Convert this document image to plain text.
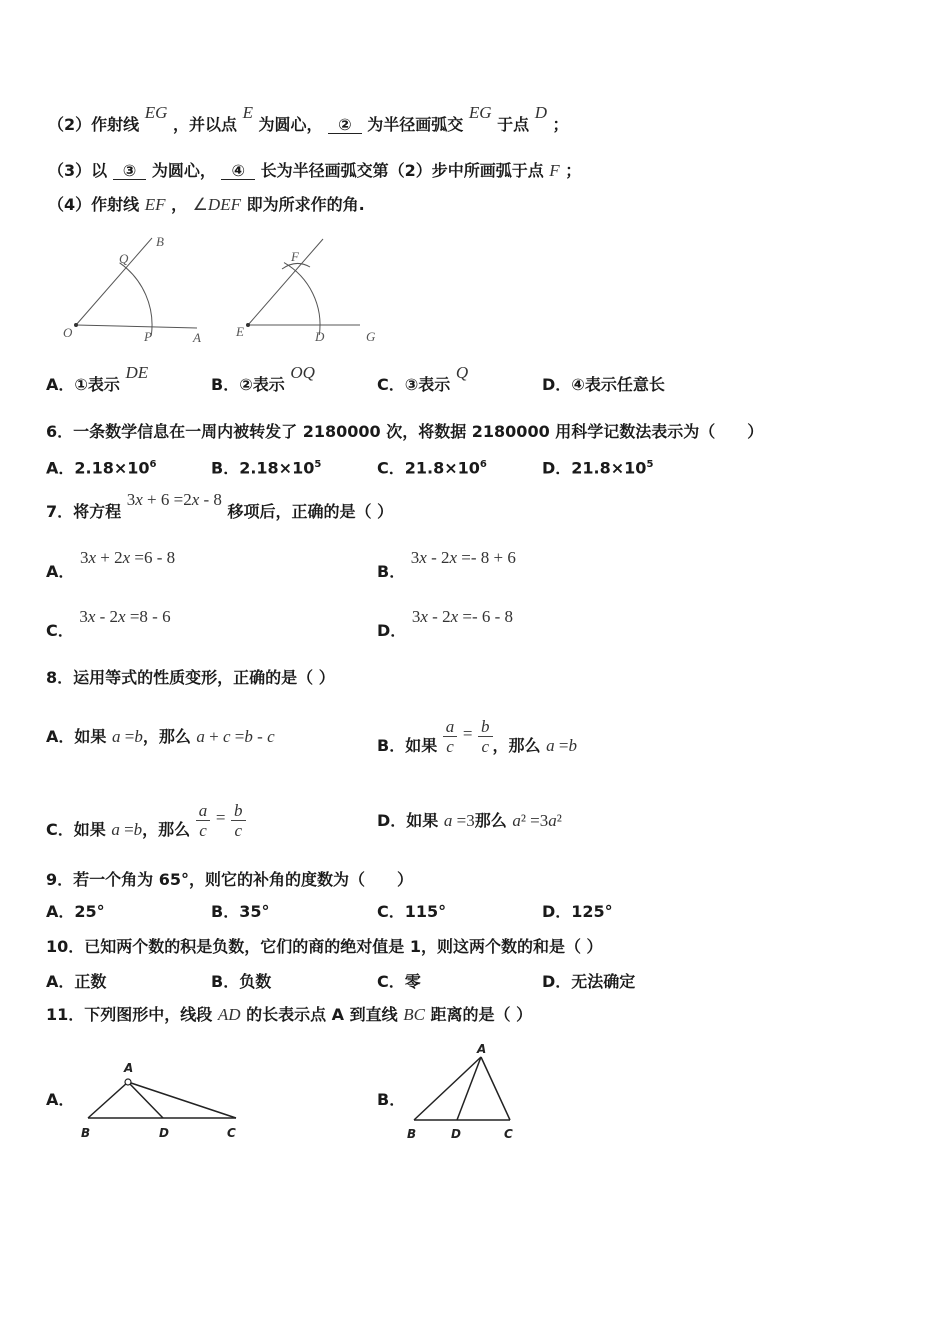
（2）作射线 EG ，并以点 E 为圆心， ② 为半径画弧交 EG 于点 D ；
（3）以 ③ 为圆心， ④ 长为半径画弧交第（2）步中所画弧于点 F ；
（4）作射线 EF ， ∠DEF 即为所求作的角.
B
Q
O	P	A
F
E	D	G
A．①表示 DE
B．②表示 OQ
C．③表示 Q
D．④表示任意长
6．一条数学信息在一周内被转发了 2180000 次，将数据 2180000 用科学记数法表示为（　　）
A．$2.18\times 10^6$	B．$2.18\times 10^5$	C．$21.8\times 10^6$	D．$21.8\times 10^5$
7．将方程 3x + 6 =2x - 8 移项后，正确的是（ ）
A． 3x + 2x =6 - 8
B． 3x - 2x =- 8 + 6
C． 3x - 2x =8 - 6
D． 3x - 2x =- 6 - 8
8．运用等式的性质变形，正确的是（ ）
A．如果 a =b，那么 a + c =b - c	B．如果 $\frac{a}{c} = \frac{b}{c}$ ，那么 a =b
C．如果 a =b，那么 $\frac{a}{c} = \frac{b}{c}$	D．如果 a =3那么 a² =3a²
9．若一个角为 65°，则它的补角的度数为（　　）
A．25°	B．35°	C．115°	D．125°
10．已知两个数的积是负数，它们的商的绝对值是 1，则这两个数的和是（ ）
A．正数	B．负数	C．零	D．无法确定
11．下列图形中，线段 AD 的长表示点 A 到直线 BC 距离的是（ ）
A．	B．
A
B	D	C
A
B	D	C
